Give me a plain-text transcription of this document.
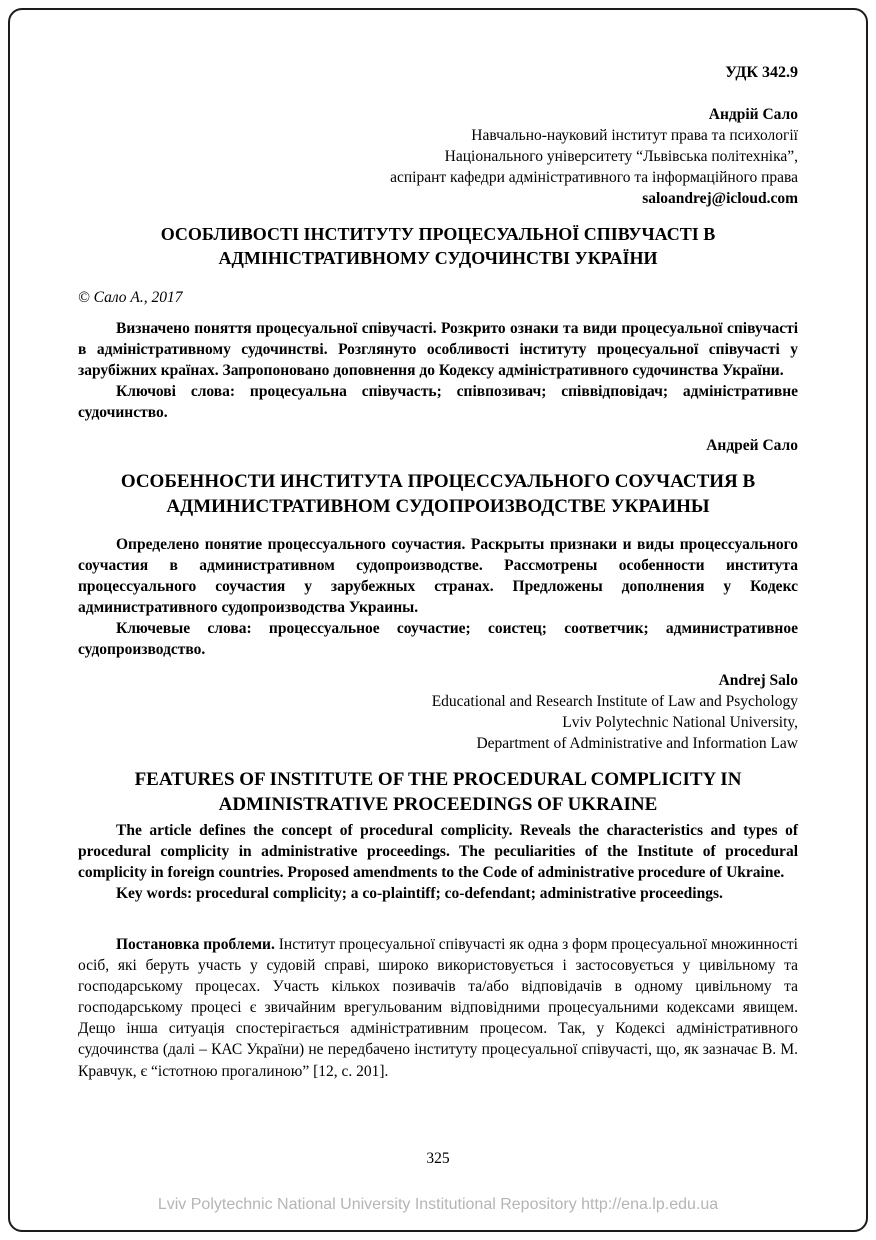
УДК 342.9
Андрій Сало
Навчально-науковий інститут права та психології
Національного університету “Львівська політехніка”,
аспірант кафедри адміністративного та інформаційного права
saloandrej@icloud.com
ОСОБЛИВОСТІ ІНСТИТУТУ ПРОЦЕСУАЛЬНОЇ СПІВУЧАСТІ В АДМІНІСТРАТИВНОМУ СУДОЧИНСТВІ УКРАЇНИ
© Сало А., 2017

Визначено поняття процесуальної співучасті. Розкрито ознаки та види процесуальної співучасті в адміністративному судочинстві. Розглянуто особливості інституту процесуальної співучасті у зарубіжних країнах. Запропоновано доповнення до Кодексу адміністративного судочинства України.

Ключові слова: процесуальна співучасть; співпозивач; співвідповідач; адміністративне судочинство.

Андрей Сало
ОСОБЕННОСТИ ИНСТИТУТА ПРОЦЕССУАЛЬНОГО СОУЧАСТИЯ В АДМИНИСТРАТИВНОМ СУДОПРОИЗВОДСТВЕ УКРАИНЫ

Определено понятие процессуального соучастия. Раскрыты признаки и виды процессуального соучастия в административном судопроизводстве. Рассмотрены особенности института процессуального соучастия у зарубежных странах. Предложены дополнения у Кодекс административного судопроизводства Украины.

Ключевые слова: процессуальное соучастие; соистец; соответчик; административное судопроизводство.

Andrej Salo
Educational and Research Institute of Law and Psychology
Lviv Polytechnic National University,
Department of Administrative and Information Law
FEATURES OF INSTITUTE OF THE PROCEDURAL COMPLICITY IN ADMINISTRATIVE PROCEEDINGS OF UKRAINE

The article defines the concept of procedural complicity. Reveals the characteristics and types of procedural complicity in administrative proceedings. The peculiarities of the Institute of procedural complicity in foreign countries. Proposed amendments to the Code of administrative procedure of Ukraine.

Key words: procedural complicity; a co-plaintiff; co-defendant; administrative proceedings.

Постановка проблеми. Інститут процесуальної співучасті як одна з форм процесуальної множинності осіб, які беруть участь у судовій справі, широко використовується і застосовується у цивільному та господарському процесах. Участь кількох позивачів та/або відповідачів в одному цивільному та господарському процесі є звичайним врегульованим відповідними процесуальними кодексами явищем. Дещо інша ситуація спостерігається адміністративним процесом. Так, у Кодексі адміністративного судочинства (далі – КАС України) не передбачено інституту процесуальної співучасті, що, як зазначає В. М. Кравчук, є “істотною прогалиною” [12, с. 201].

325
Lviv Polytechnic National University Institutional Repository http://ena.lp.edu.ua
